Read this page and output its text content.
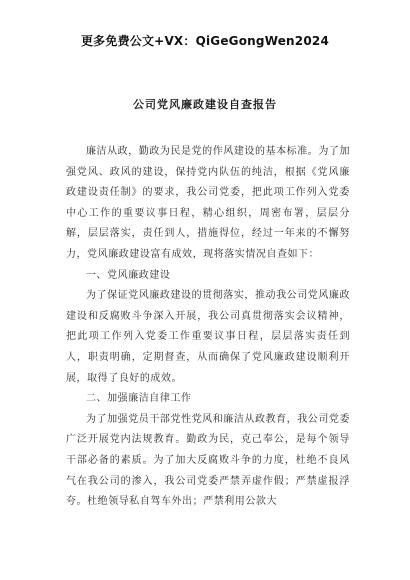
更多免费公文+VX：QiGeGongWen2024
公司党风廉政建设自查报告

廉洁从政，勤政为民是党的作风建设的基本标准。为了加强党风、政风的建设，保持党内队伍的纯洁，根据《党风廉政建设责任制》的要求，我公司党委，把此项工作列入党委中心工作的重要议事日程，精心组织，周密布署，层层分解，层层落实，责任到人，措施得位，经过一年来的不懈努力，党风廉政建设富有成效，现将落实情况自查如下：

一、党风廉政建设

为了保证党风廉政建设的贯彻落实，推动我公司党风廉政建设和反腐败斗争深入开展，我公司真贯彻落实会议精神，把此项工作列入党委工作重要议事日程，层层落实责任到人，职责明确，定期督查，从而确保了党风廉政建设顺利开展，取得了良好的成效。

二、加强廉洁自律工作

为了加强党员干部党性党风和廉洁从政教育，我公司党委广泛开展党内法规教育。勤政为民，克己奉公，是每个领导干部必备的素质。为了加大反腐败斗争的力度，杜绝不良风气在我公司的渗入，我公司党委严禁弄虚作假；严禁虚报浮夸。杜绝领导私自驾车外出；严禁利用公款大
